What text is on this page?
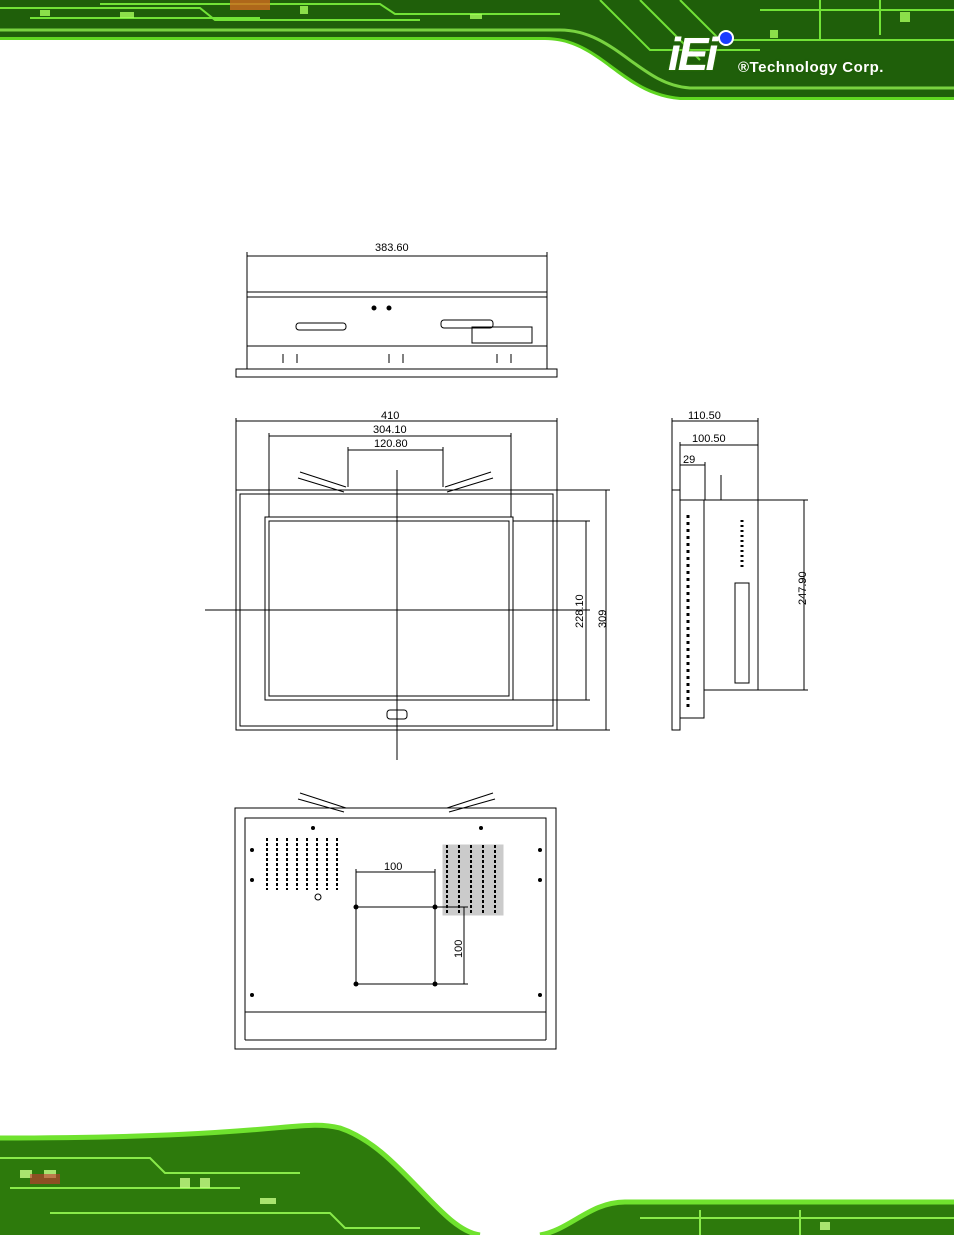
iEi ®Technology Corp.
383.60
410
304.10
120.80
228.10 309
110.50
100.50
29
247.90
100
100
